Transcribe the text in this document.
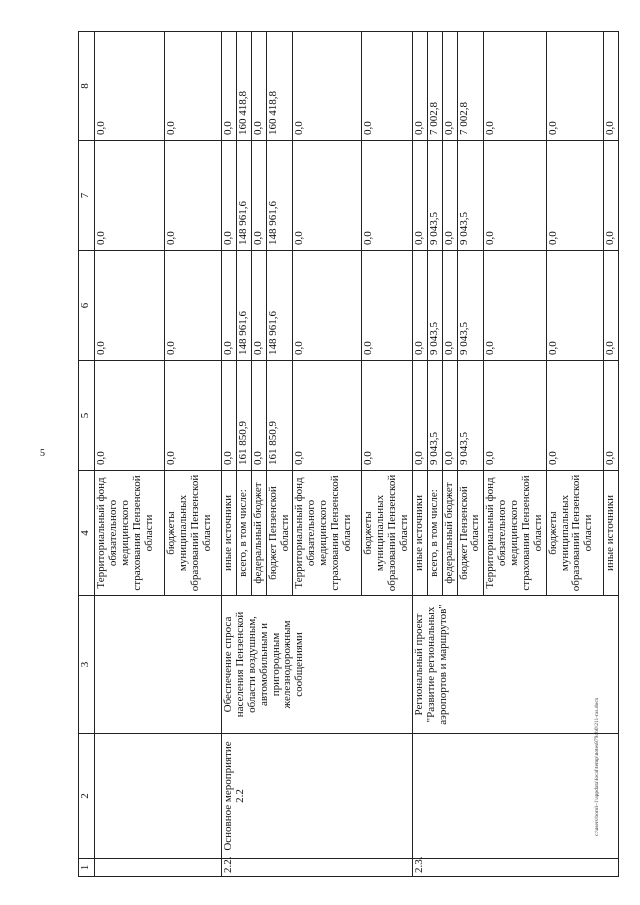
5
c:\users\borol~1\appdata\local\temp\notes8794b0\211-ras.docx
1	2	3	4	5	6	7	8
			Территориальный фонд обязательного медицинского страхования Пензенской области	0,0	0,0	0,0	0,0
			бюджеты муниципальных образований Пензенской области	0,0	0,0	0,0	0,0
2.2.	Основное мероприятие 2.2	Обеспечение спроса населения Пензенской области воздушным, автомобильным и пригородным железнодорожным сообщениями	иные источники	0,0	0,0	0,0	0,0
			всего, в том числе:	161 850,9	148 961,6	148 961,6	160 418,8
			федеральный бюджет	0,0	0,0	0,0	0,0
			бюджет Пензенской области	161 850,9	148 961,6	148 961,6	160 418,8
			Территориальный фонд обязательного медицинского страхования Пензенской области	0,0	0,0	0,0	0,0
			бюджеты муниципальных образований Пензенской области	0,0	0,0	0,0	0,0
2.3.		Региональный проект "Развитие региональных аэропортов и маршрутов"	иные источники	0,0	0,0	0,0	0,0
			всего, в том числе:	9 043,5	9 043,5	9 043,5	7 002,8
			федеральный бюджет	0,0	0,0	0,0	0,0
			бюджет Пензенской области	9 043,5	9 043,5	9 043,5	7 002,8
			Территориальный фонд обязательного медицинского страхования Пензенской области	0,0	0,0	0,0	0,0
			бюджеты муниципальных образований Пензенской области	0,0	0,0	0,0	0,0
			иные источники	0,0	0,0	0,0	0,0
